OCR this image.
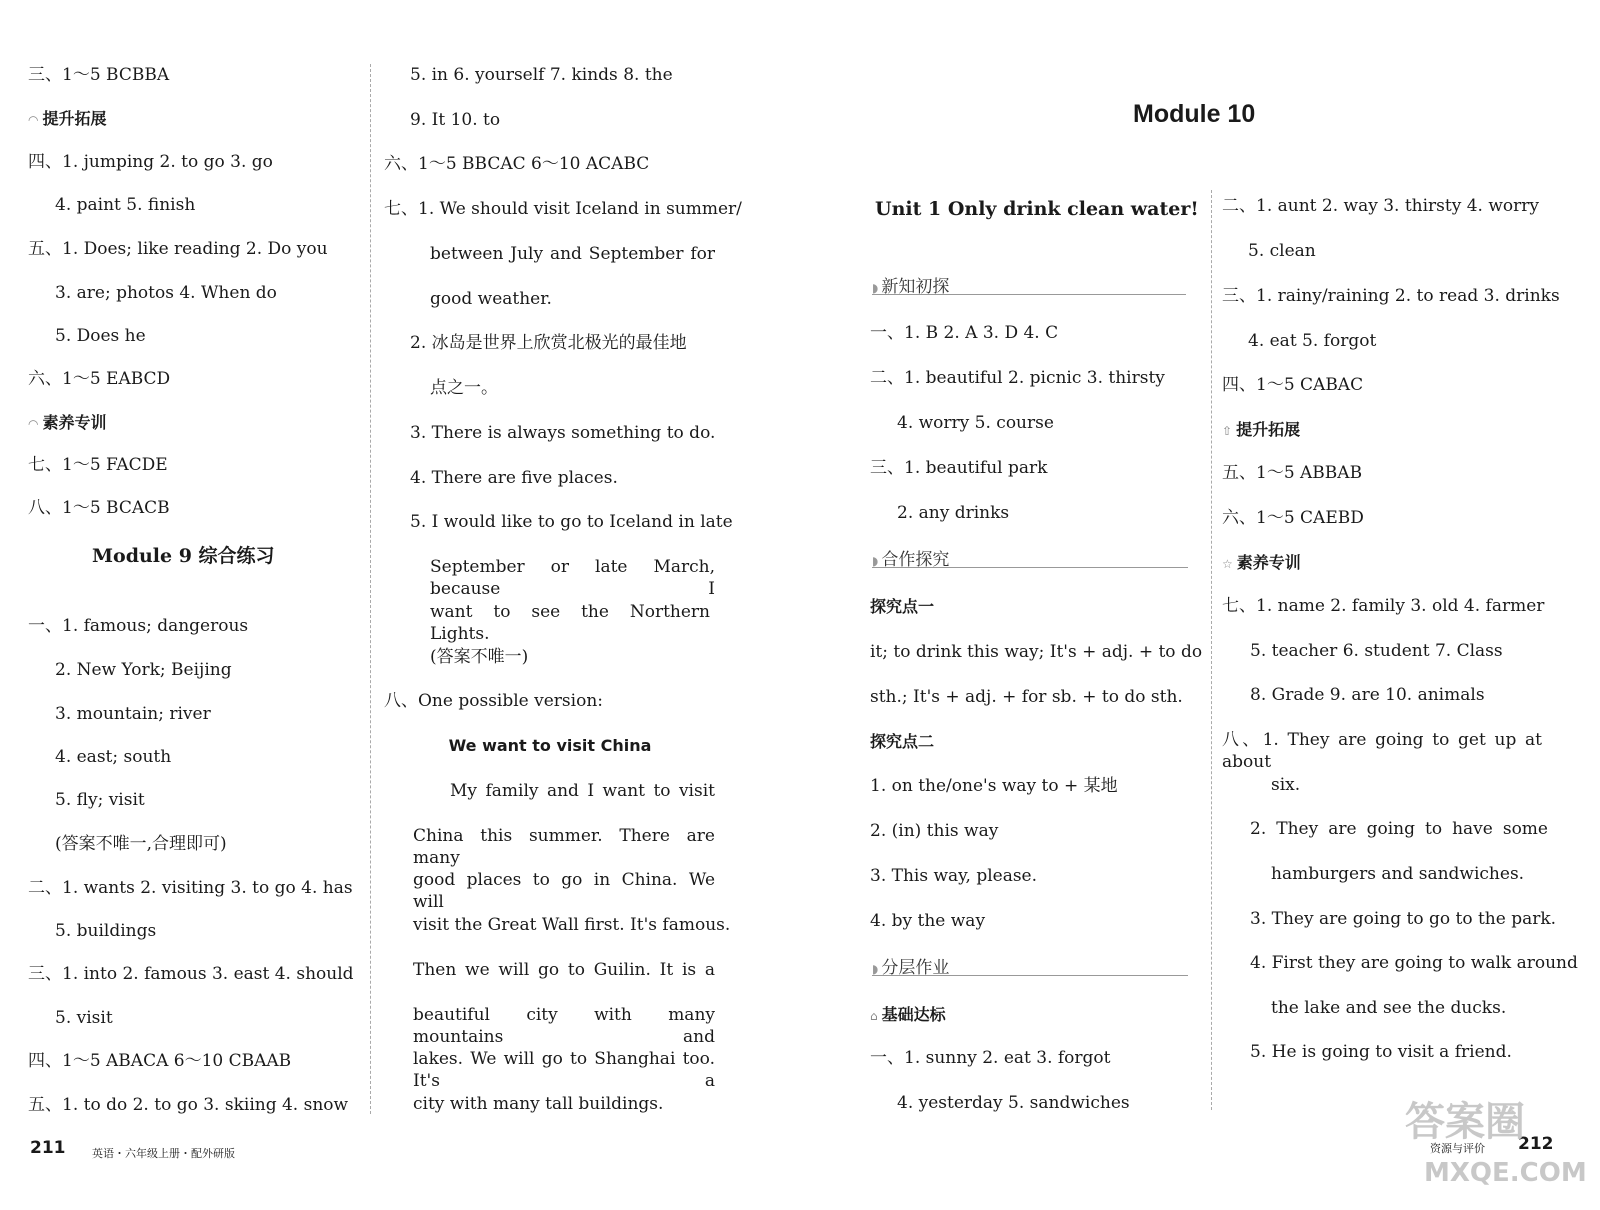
三、1～5 BCBBA
◠ 提升拓展
四、1. jumping 2. to go 3. go
4. paint 5. finish
五、1. Does; like reading 2. Do you
3. are; photos 4. When do
5. Does he
六、1～5 EABCD
◠ 素养专训
七、1～5 FACDE
八、1～5 BCACB
Module 9 综合练习
一、1. famous; dangerous
2. New York; Beijing
3. mountain; river
4. east; south
5. fly; visit
(答案不唯一,合理即可)
二、1. wants 2. visiting 3. to go 4. has
5. buildings
三、1. into 2. famous 3. east 4. should
5. visit
四、1～5 ABACA 6～10 CBAAB
五、1. to do 2. to go 3. skiing 4. snow
5. in 6. yourself 7. kinds 8. the
9. It 10. to
六、1～5 BBCAC 6～10 ACABC
七、1. We should visit Iceland in summer/
between July and September for
good weather.
2. 冰岛是世界上欣赏北极光的最佳地
点之一。
3. There is always something to do.
4. There are five places.
5. I would like to go to Iceland in late
September or late March, because I
want to see the Northern Lights.
(答案不唯一)
八、One possible version:
We want to visit China
My family and I want to visit
China this summer. There are many
good places to go in China. We will
visit the Great Wall first. It's famous.
Then we will go to Guilin. It is a
beautiful city with many mountains and
lakes. We will go to Shanghai too. It's a
city with many tall buildings.
211 英语・六年级上册・配外研版
Module 10
Unit 1 Only drink clean water!
◗ 新知初探
一、1. B 2. A 3. D 4. C
二、1. beautiful 2. picnic 3. thirsty
4. worry 5. course
三、1. beautiful park
2. any drinks
◗ 合作探究
探究点一
it; to drink this way; It's + adj. + to do
sth.; It's + adj. + for sb. + to do sth.
探究点二
1. on the/one's way to + 某地
2. (in) this way
3. This way, please.
4. by the way
◗ 分层作业
⌂ 基础达标
一、1. sunny 2. eat 3. forgot
4. yesterday 5. sandwiches
二、1. aunt 2. way 3. thirsty 4. worry
5. clean
三、1. rainy/raining 2. to read 3. drinks
4. eat 5. forgot
四、1～5 CABAC
⇧ 提升拓展
五、1～5 ABBAB
六、1～5 CAEBD
☆ 素养专训
七、1. name 2. family 3. old 4. farmer
5. teacher 6. student 7. Class
8. Grade 9. are 10. animals
八、1. They are going to get up at about
six.
2. They are going to have some
hamburgers and sandwiches.
3. They are going to go to the park.
4. First they are going to walk around
the lake and see the ducks.
5. He is going to visit a friend.
资源与评价 212
答案圈
MXQE.COM
